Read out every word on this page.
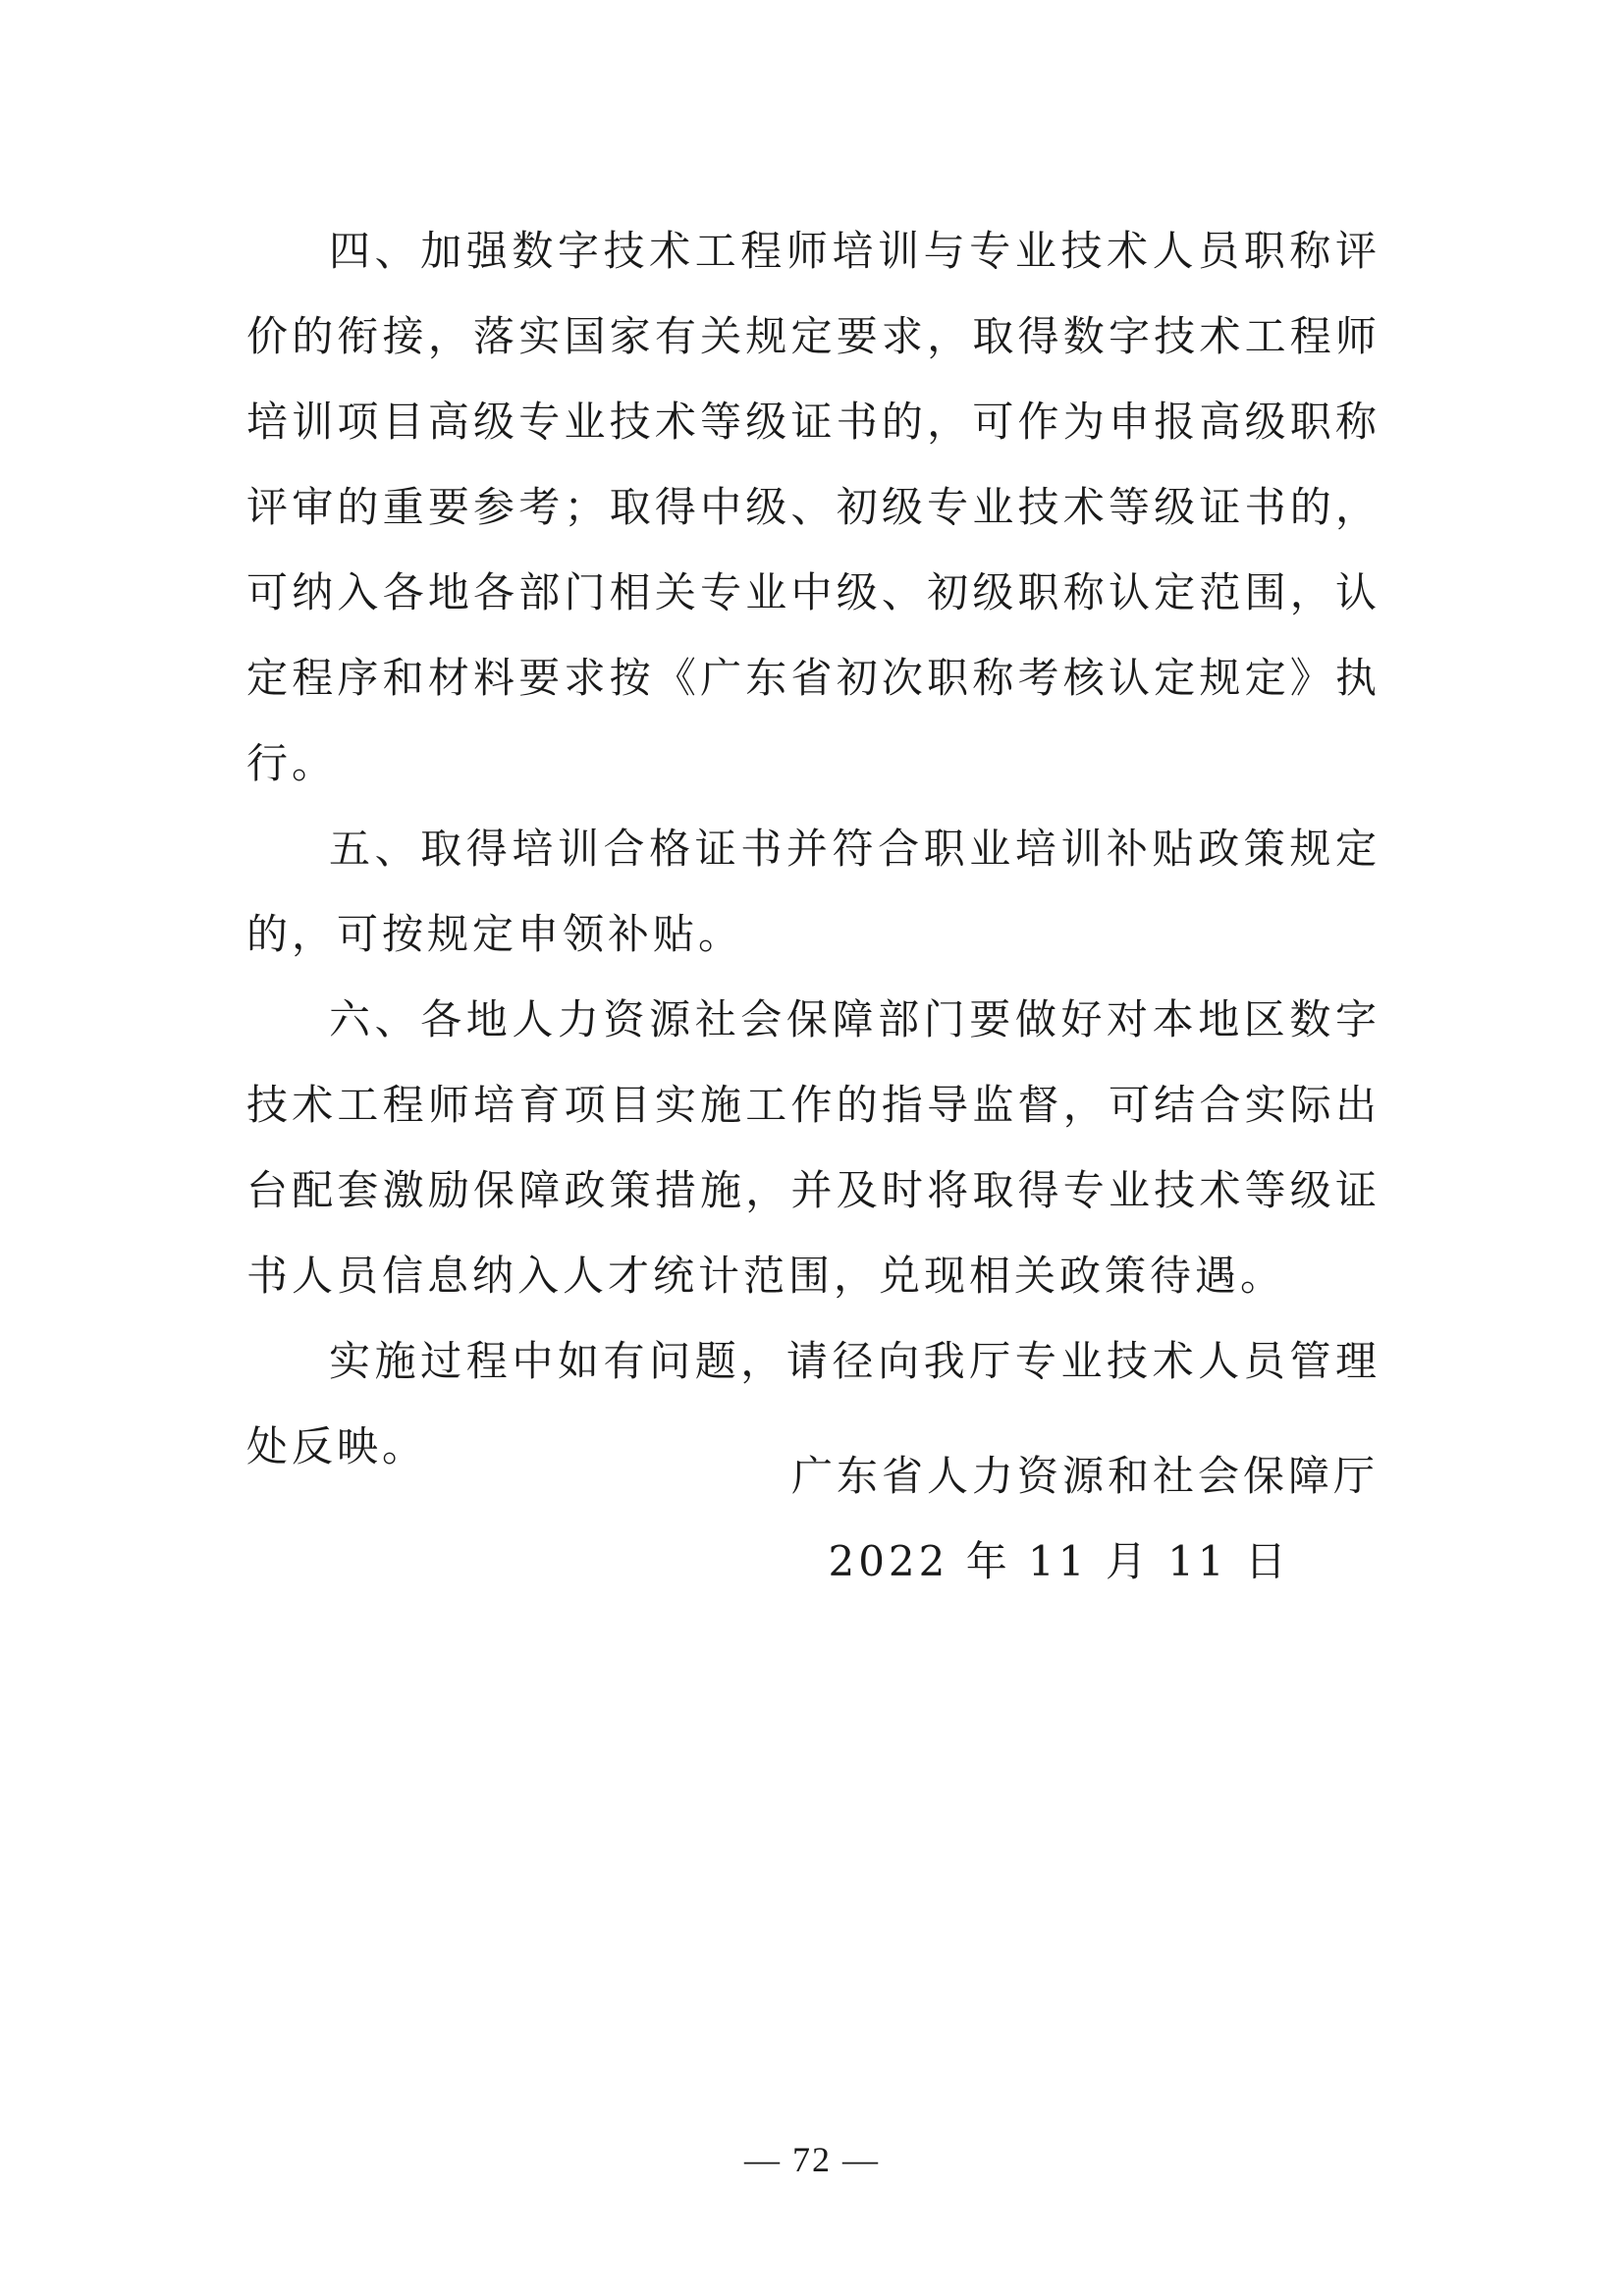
四、加强数字技术工程师培训与专业技术人员职称评价的衔接，落实国家有关规定要求，取得数字技术工程师培训项目高级专业技术等级证书的，可作为申报高级职称评审的重要参考；取得中级、初级专业技术等级证书的，可纳入各地各部门相关专业中级、初级职称认定范围，认定程序和材料要求按《广东省初次职称考核认定规定》执行。

五、取得培训合格证书并符合职业培训补贴政策规定的，可按规定申领补贴。

六、各地人力资源社会保障部门要做好对本地区数字技术工程师培育项目实施工作的指导监督，可结合实际出台配套激励保障政策措施，并及时将取得专业技术等级证书人员信息纳入人才统计范围，兑现相关政策待遇。

实施过程中如有问题，请径向我厅专业技术人员管理处反映。

广东省人力资源和社会保障厅

2022 年 11 月 11 日

— 72 —
